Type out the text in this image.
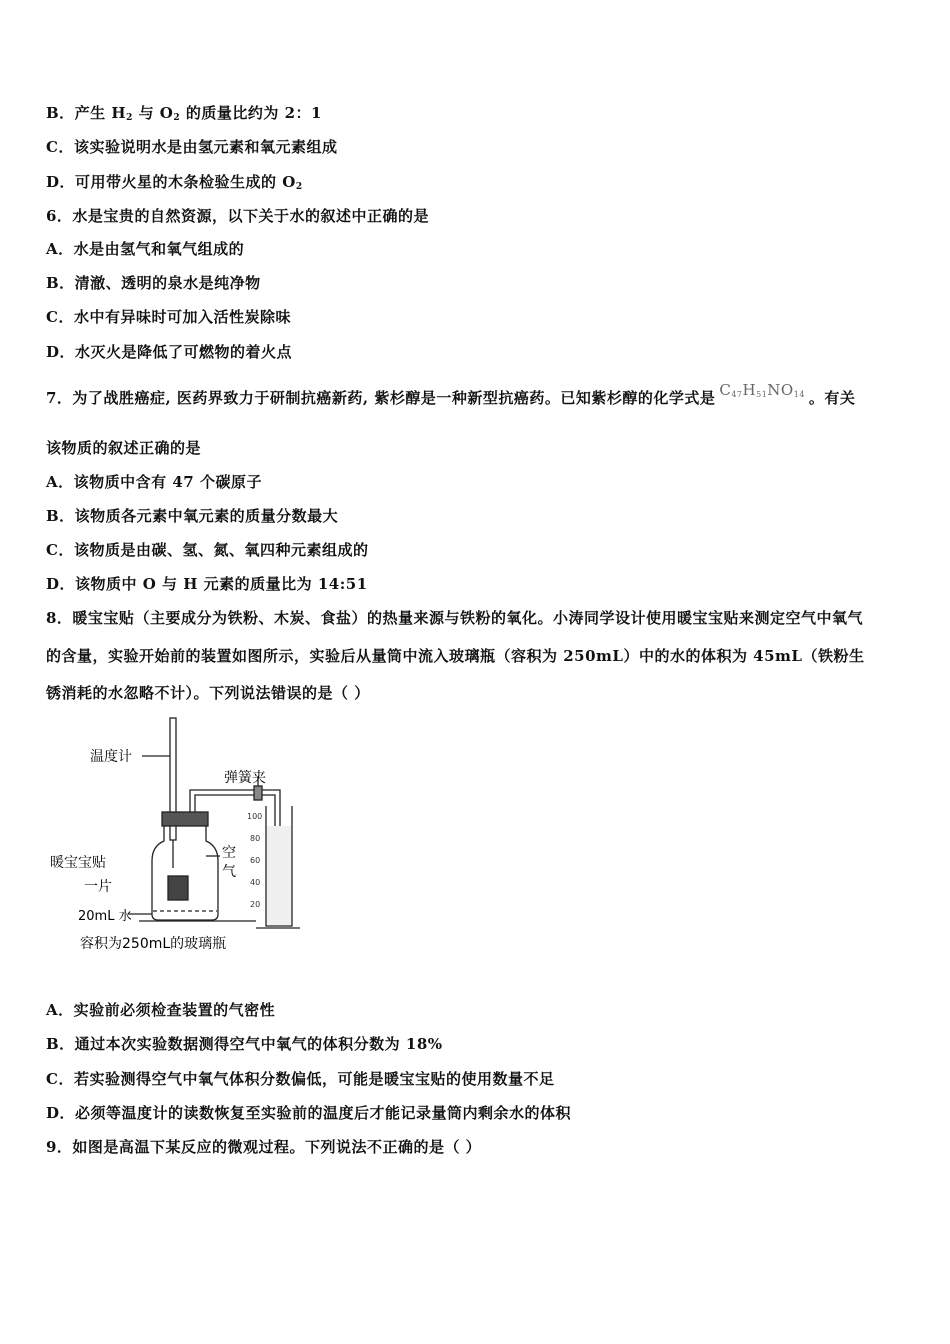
B．产生 $H_2$ 与 $O_2$ 的质量比约为 2：1
C．该实验说明水是由氢元素和氧元素组成
D．可用带火星的木条检验生成的 $O_2$
6．水是宝贵的自然资源，以下关于水的叙述中正确的是
A．水是由氢气和氧气组成的
B．清澈、透明的泉水是纯净物
C．水中有异味时可加入活性炭除味
D．水灭火是降低了可燃物的着火点
7．为了战胜癌症, 医药界致力于研制抗癌新药, 紫杉醇是一种新型抗癌药。已知紫杉醇的化学式是 $C_{47}H_{51}NO_{14}$ 。有关
该物质的叙述正确的是
A．该物质中含有 47 个碳原子
B．该物质各元素中氧元素的质量分数最大
C．该物质是由碳、氢、氮、氧四种元素组成的
D．该物质中 O 与 H 元素的质量比为 14:51
8．暖宝宝贴（主要成分为铁粉、木炭、食盐）的热量来源与铁粉的氧化。小涛同学设计使用暖宝宝贴来测定空气中氧气
的含量，实验开始前的装置如图所示，实验后从量筒中流入玻璃瓶（容积为 250mL）中的水的体积为 45mL（铁粉生
锈消耗的水忽略不计）。下列说法错误的是（ ）
温度计
弹簧夹
空
气
暖宝宝贴
一片
20mL 水
容积为250mL的玻璃瓶
100
80
60
40
20
A．实验前必须检查装置的气密性
B．通过本次实验数据测得空气中氧气的体积分数为 18%
C．若实验测得空气中氧气体积分数偏低，可能是暖宝宝贴的使用数量不足
D．必须等温度计的读数恢复至实验前的温度后才能记录量筒内剩余水的体积
9．如图是高温下某反应的微观过程。下列说法不正确的是（ ）
